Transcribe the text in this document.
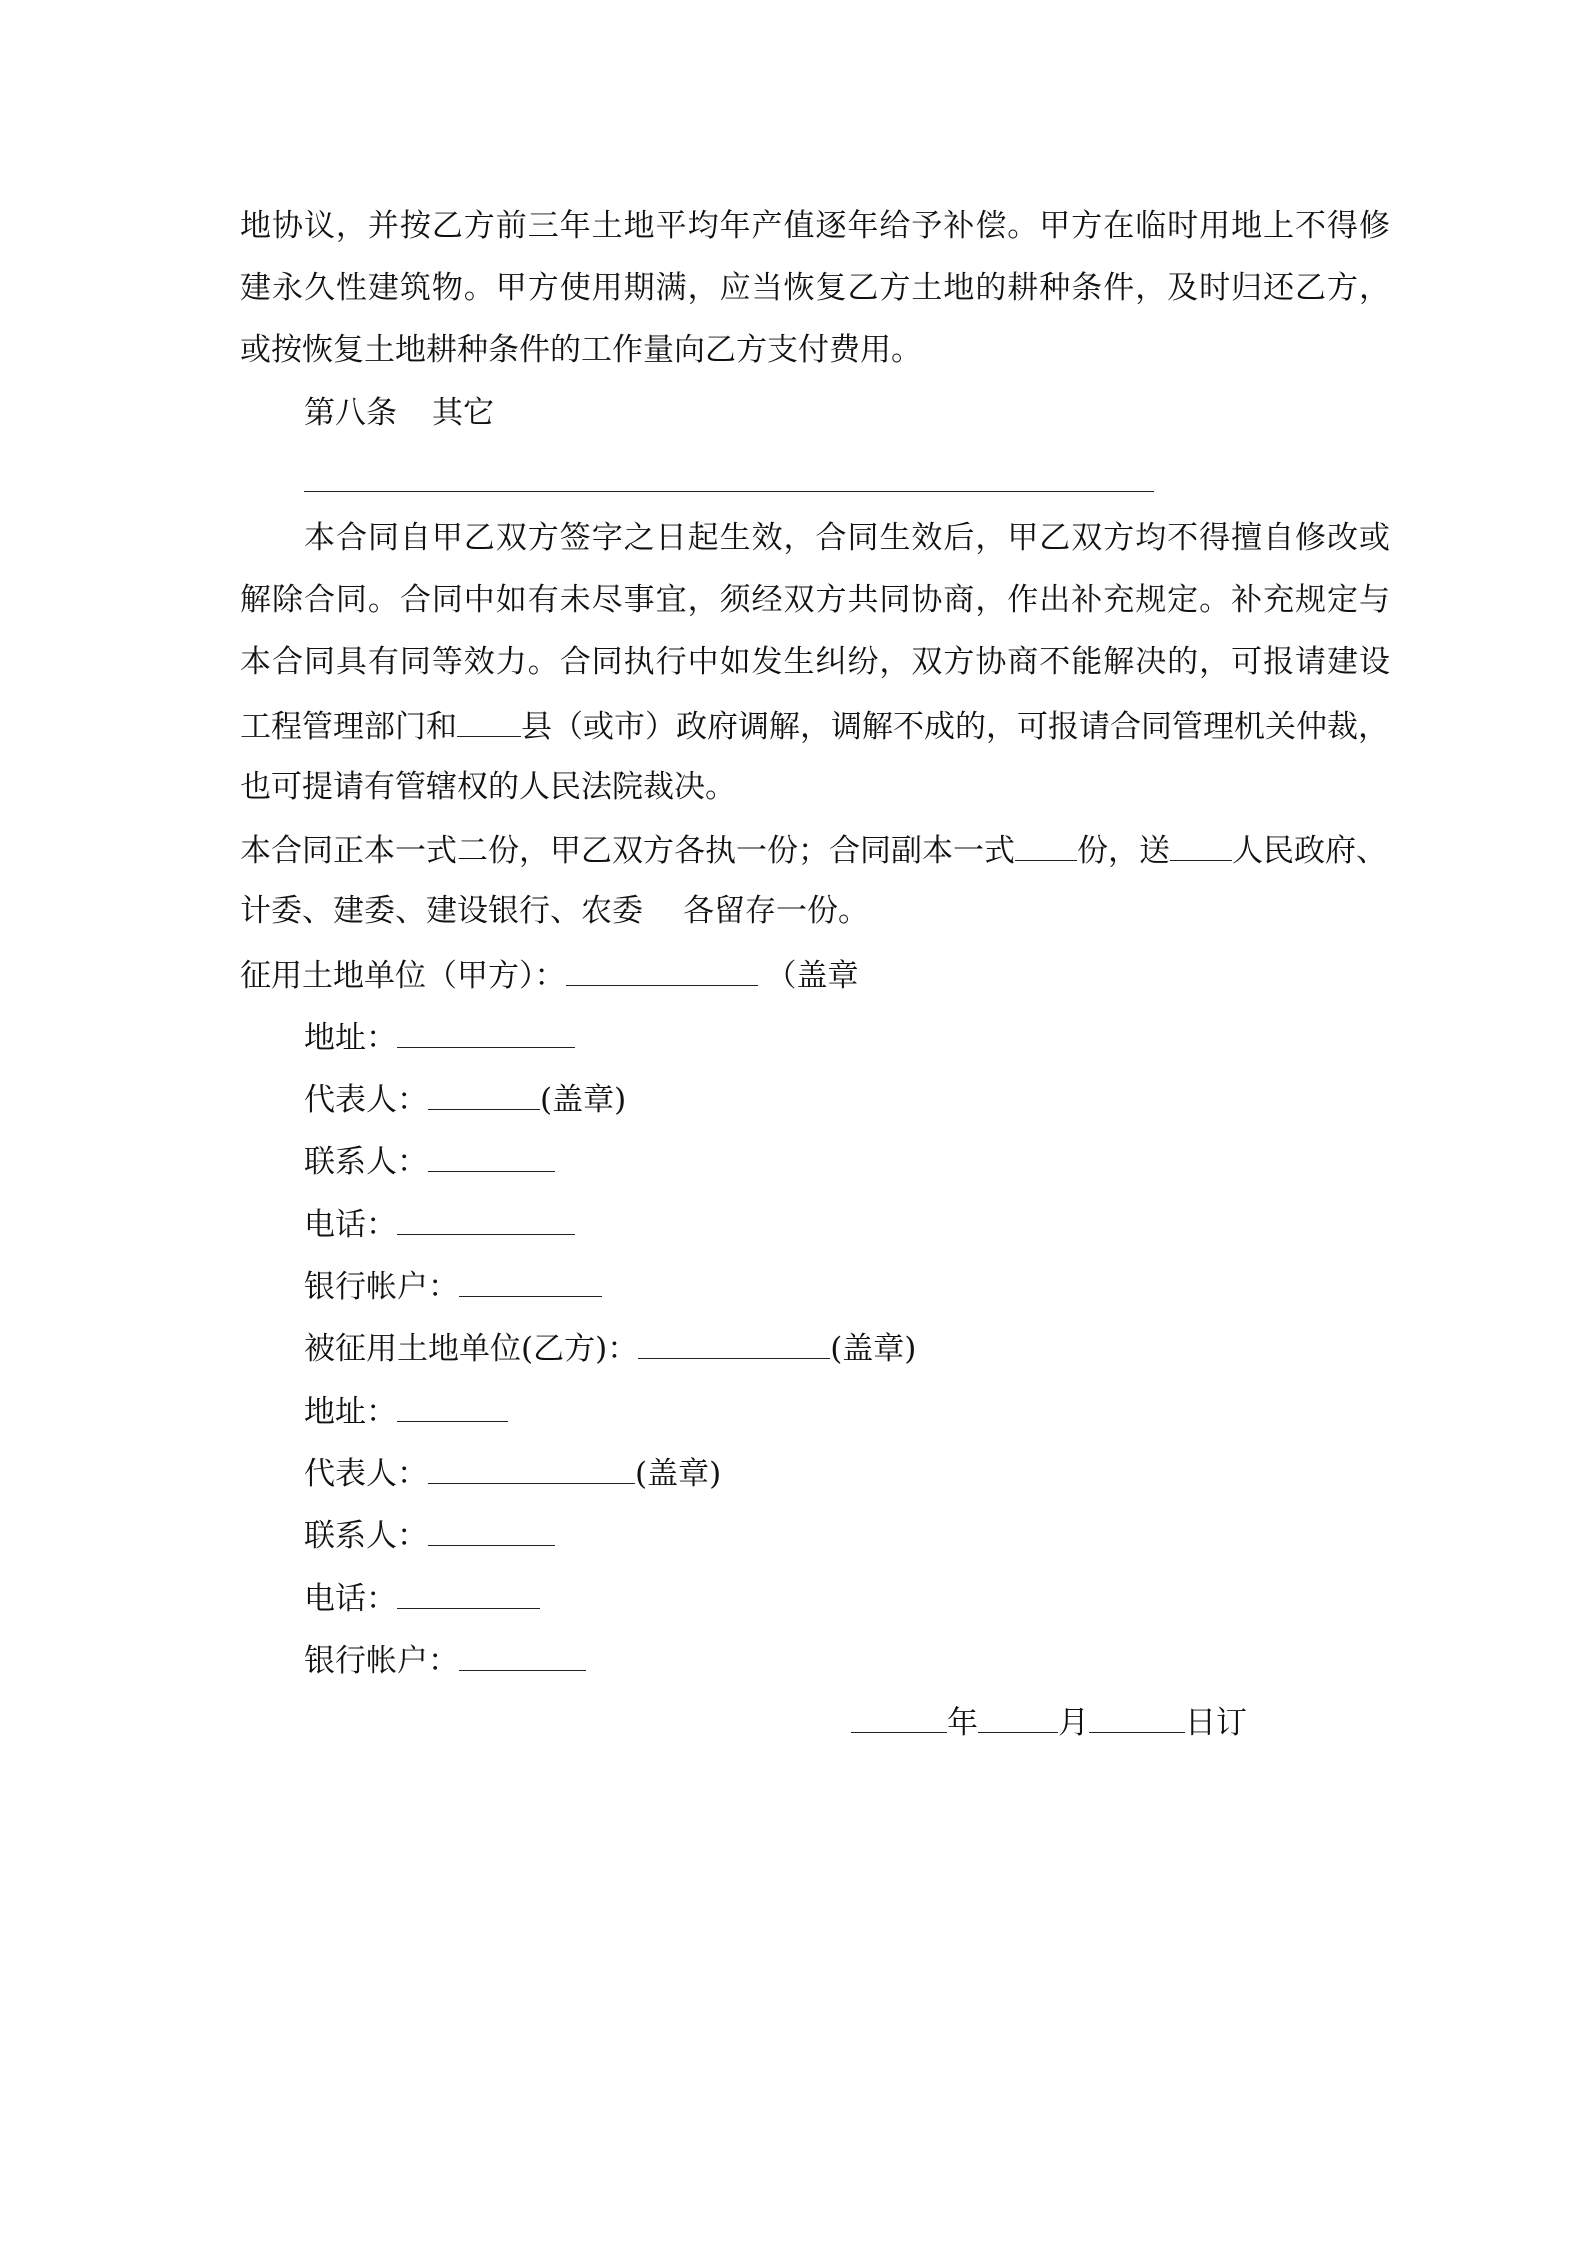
地协议，并按乙方前三年土地平均年产值逐年给予补偿。甲方在临时用地上不得修
建永久性建筑物。甲方使用期满，应当恢复乙方土地的耕种条件，及时归还乙方，
或按恢复土地耕种条件的工作量向乙方支付费用。
第八条 其它
本合同自甲乙双方签字之日起生效，合同生效后，甲乙双方均不得擅自修改或
解除合同。合同中如有未尽事宜，须经双方共同协商，作出补充规定。补充规定与
本合同具有同等效力。合同执行中如发生纠纷，双方协商不能解决的，可报请建设
工程管理部门和 县（或市）政府调解，调解不成的，可报请合同管理机关仲裁，
也可提请有管辖权的人民法院裁决。
本合同正本一式二份，甲乙双方各执一份；合同副本一式 份，送 人民政府、
计委、建委、建设银行、农委 各留存一份。
征用土地单位（甲方）：	（盖章
地址：
代表人：	(盖章)
联系人：
电话：
银行帐户：
被征用土地单位(乙方)：	(盖章)
地址：
代表人：	(盖章)
联系人：
电话：
银行帐户：
年	月	日订
